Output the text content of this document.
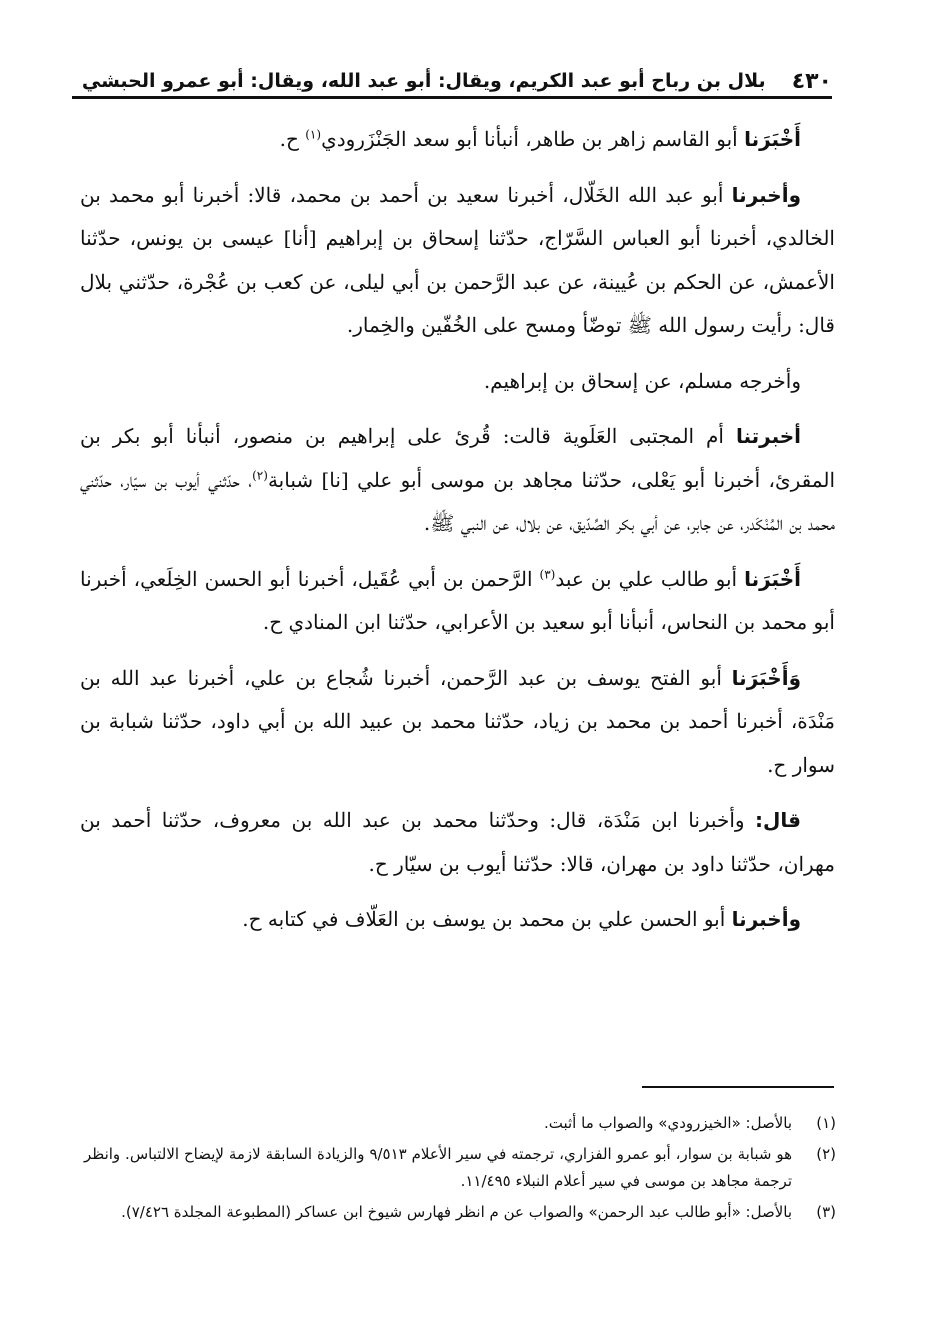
٤٣٠
بلال بن رباح أبو عبد الكريم، ويقال: أبو عبد الله، ويقال: أبو عمرو الحبشي

أَخْبَرَنا أبو القاسم زاهر بن طاهر، أنبأنا أبو سعد الجَنْزَرودي$^{(١)}$ ح.

وأخبرنا أبو عبد الله الخَلّال، أخبرنا سعيد بن أحمد بن محمد، قالا: أخبرنا أبو محمد بن الخالدي، أخبرنا أبو العباس السَّرّاج، حدّثنا إسحاق بن إبراهيم [أنا] عيسى بن يونس، حدّثنا الأعمش، عن الحكم بن عُيينة، عن عبد الرَّحمن بن أبي ليلى، عن كعب بن عُجْرة، حدّثني بلال قال: رأيت رسول الله ﷺ توضّأ ومسح على الخُفّين والخِمار.

وأخرجه مسلم، عن إسحاق بن إبراهيم.

أخبرتنا أم المجتبى العَلَوية قالت: قُرئ على إبراهيم بن منصور، أنبأنا أبو بكر بن المقرئ، أخبرنا أبو يَعْلى، حدّثنا مجاهد بن موسى أبو علي [نا] شبابة$^{(٢)}$، حدّثني أيوب بن سيّار، حدّثني محمد بن المُنْكَدر، عن جابر، عن أبي بكر الصِّدّيق، عن بلال، عن النبي ﷺ.

أَخْبَرَنا أبو طالب علي بن عبد$^{(٣)}$ الرَّحمن بن أبي عُقَيل، أخبرنا أبو الحسن الخِلَعي، أخبرنا أبو محمد بن النحاس، أنبأنا أبو سعيد بن الأعرابي، حدّثنا ابن المنادي ح.

وَأَخْبَرَنا أبو الفتح يوسف بن عبد الرَّحمن، أخبرنا شُجاع بن علي، أخبرنا عبد الله بن مَنْدَة، أخبرنا أحمد بن محمد بن زياد، حدّثنا محمد بن عبيد الله بن أبي داود، حدّثنا شبابة بن سوار ح.

قال: وأخبرنا ابن مَنْدَة، قال: وحدّثنا محمد بن عبد الله بن معروف، حدّثنا أحمد بن مهران، حدّثنا داود بن مهران، قالا: حدّثنا أيوب بن سيّار ح.

وأخبرنا أبو الحسن علي بن محمد بن يوسف بن العَلّاف في كتابه ح.

(١)
بالأصل: «الخيزرودي» والصواب ما أثبت.
(٢)
هو شبابة بن سوار، أبو عمرو الفزاري، ترجمته في سير الأعلام ٩/٥١٣ والزيادة السابقة لازمة لإيضاح الالتباس. وانظر ترجمة مجاهد بن موسى في سير أعلام النبلاء ١١/٤٩٥.
(٣)
بالأصل: «أبو طالب عبد الرحمن» والصواب عن م انظر فهارس شيوخ ابن عساكر (المطبوعة المجلدة ٧/٤٢٦).
